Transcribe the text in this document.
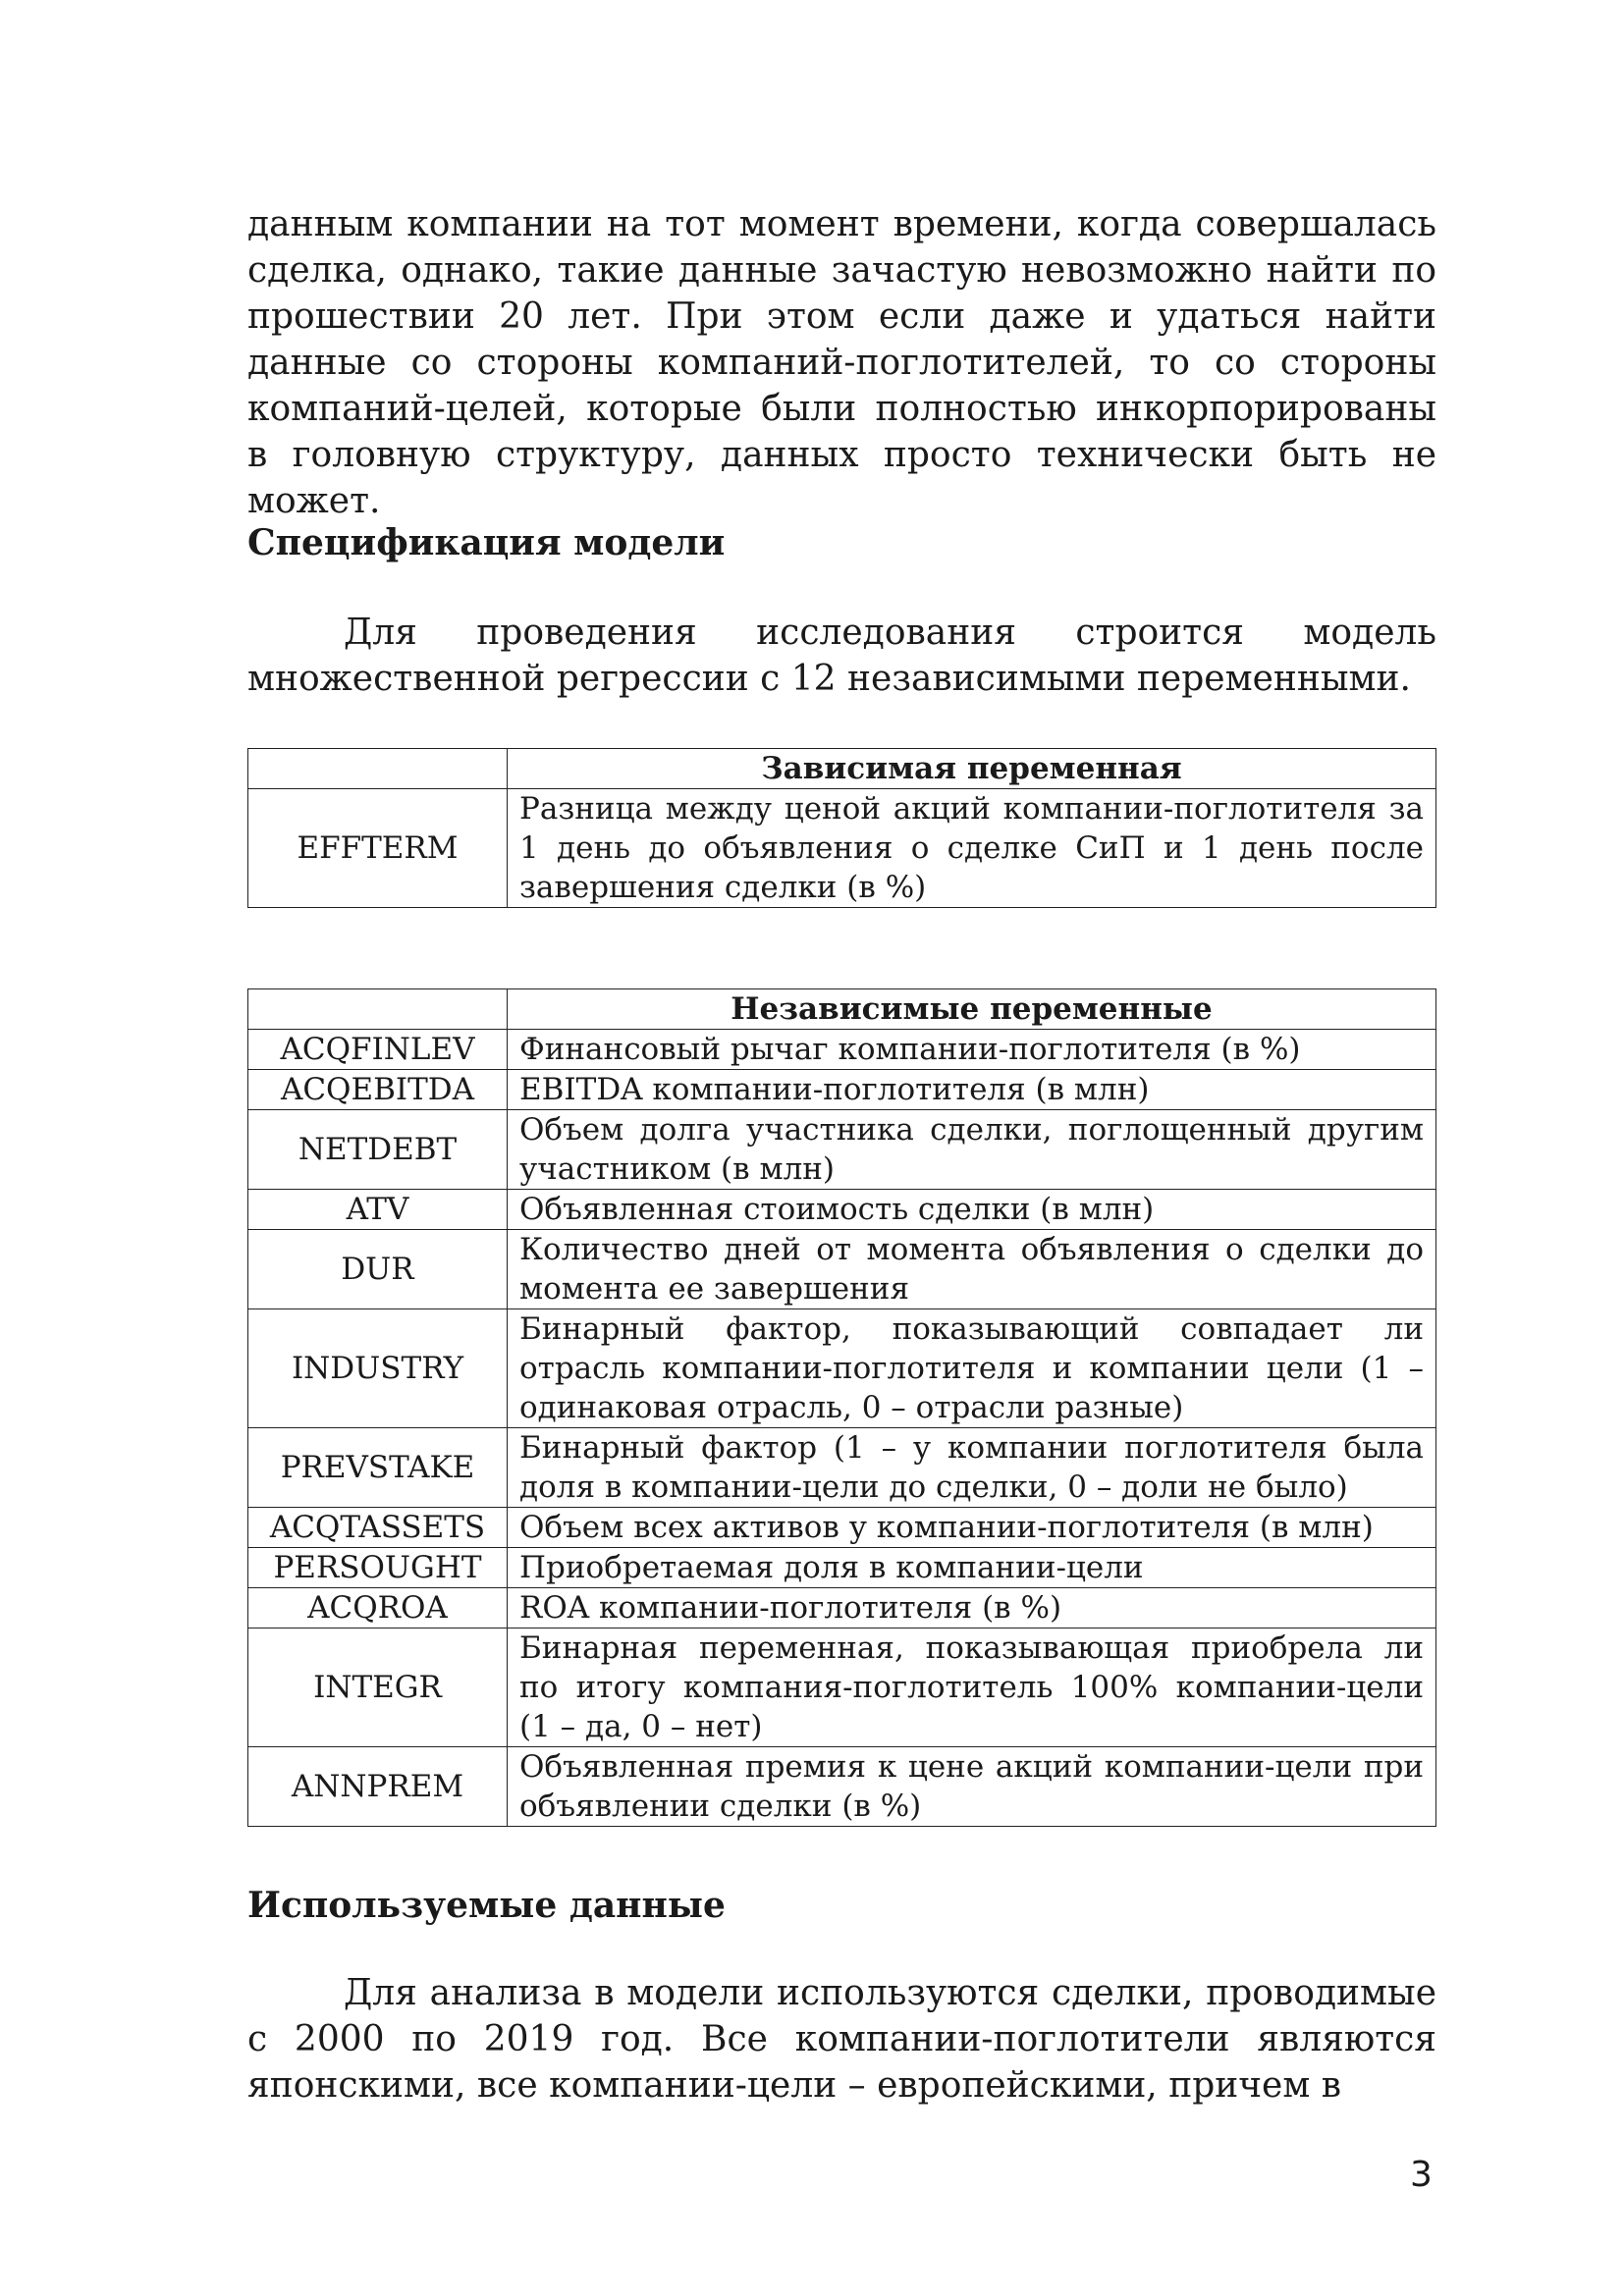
данным компании на тот момент времени, когда совершалась сделка, однако, такие данные зачастую невозможно найти по прошествии 20 лет. При этом если даже и удаться найти данные со стороны компаний-поглотителей, то со стороны компаний-целей, которые были полностью инкорпорированы в головную структуру, данных просто технически быть не может.

Спецификация модели

Для проведения исследования строится модель множественной регрессии с 12 независимыми переменными.

	Зависимая переменная
EFFTERM	Разница между ценой акций компании-поглотителя за 1 день до объявления о сделке СиП и 1 день после завершения сделки (в %)
	Независимые переменные
ACQFINLEV	Финансовый рычаг компании-поглотителя (в %)
ACQEBITDA	EBITDA компании-поглотителя (в млн)
NETDEBT	Объем долга участника сделки, поглощенный другим участником (в млн)
ATV	Объявленная стоимость сделки (в млн)
DUR	Количество дней от момента объявления о сделки до момента ее завершения
INDUSTRY	Бинарный фактор, показывающий совпадает ли отрасль компании-поглотителя и компании цели (1 – одинаковая отрасль, 0 – отрасли разные)
PREVSTAKE	Бинарный фактор (1 – у компании поглотителя была доля в компании-цели до сделки, 0 – доли не было)
ACQTASSETS	Объем всех активов у компании-поглотителя (в млн)
PERSOUGHT	Приобретаемая доля в компании-цели
ACQROA	ROA компании-поглотителя (в %)
INTEGR	Бинарная переменная, показывающая приобрела ли по итогу компания-поглотитель 100% компании-цели (1 – да, 0 – нет)
ANNPREM	Объявленная премия к цене акций компании-цели при объявлении сделки (в %)
Используемые данные

Для анализа в модели используются сделки, проводимые с 2000 по 2019 год. Все компании-поглотители являются японскими, все компании-цели – европейскими, причем в

3
